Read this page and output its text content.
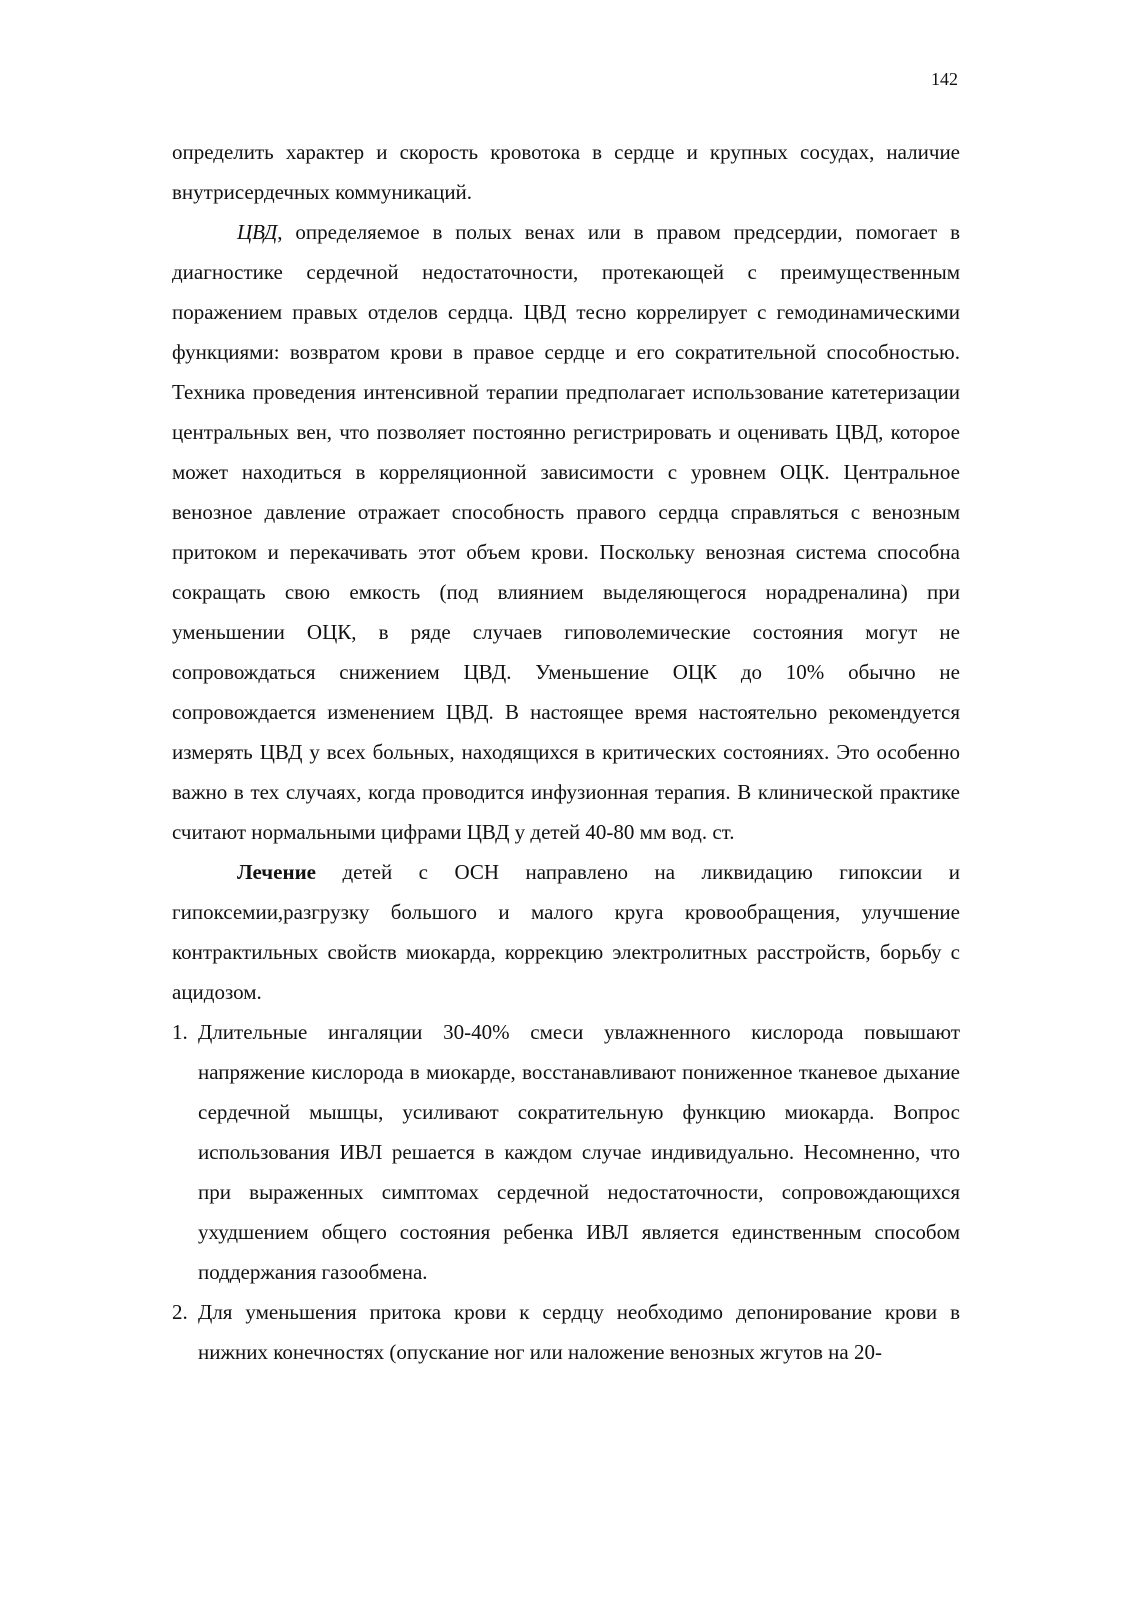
142

определить характер и скорость кровотока в сердце и крупных сосудах, наличие внутрисердечных коммуникаций.

ЦВД, определяемое в полых венах или в правом предсердии, помогает в диагностике сердечной недостаточности, протекающей с преимущественным поражением правых отделов сердца. ЦВД тесно коррелирует с гемодинамическими функциями: возвратом крови в правое сердце и его сократительной способностью. Техника проведения интенсивной терапии предполагает использование катетеризации центральных вен, что позволяет постоянно регистрировать и оценивать ЦВД, которое может находиться в корреляционной зависимости с уровнем ОЦК. Центральное венозное давление отражает способность правого сердца справляться с венозным притоком и перекачивать этот объем крови. Поскольку венозная система способна сокращать свою емкость (под влиянием выделяющегося норадреналина) при уменьшении ОЦК, в ряде случаев гиповолемические состояния могут не сопровождаться снижением ЦВД. Уменьшение ОЦК до 10% обычно не сопровождается изменением ЦВД. В настоящее время настоятельно рекомендуется измерять ЦВД у всех больных, находящихся в критических состояниях. Это особенно важно в тех случаях, когда проводится инфузионная терапия. В клинической практике считают нормальными цифрами ЦВД у детей 40-80 мм вод. ст.

Лечение детей с ОСН направлено на ликвидацию гипоксии и гипоксемии,разгрузку большого и малого круга кровообращения, улучшение контрактильных свойств миокарда, коррекцию электролитных расстройств, борьбу с ацидозом.

1. Длительные ингаляции 30-40% смеси увлажненного кислорода повышают напряжение кислорода в миокарде, восстанавливают пониженное тканевое дыхание сердечной мышцы, усиливают сократительную функцию миокарда. Вопрос использования ИВЛ решается в каждом случае индивидуально. Несомненно, что при выраженных симптомах сердечной недостаточности, сопровождающихся ухудшением общего состояния ребенка ИВЛ является единственным способом поддержания газообмена.
2. Для уменьшения притока крови к сердцу необходимо депонирование крови в нижних конечностях (опускание ног или наложение венозных жгутов на 20-
